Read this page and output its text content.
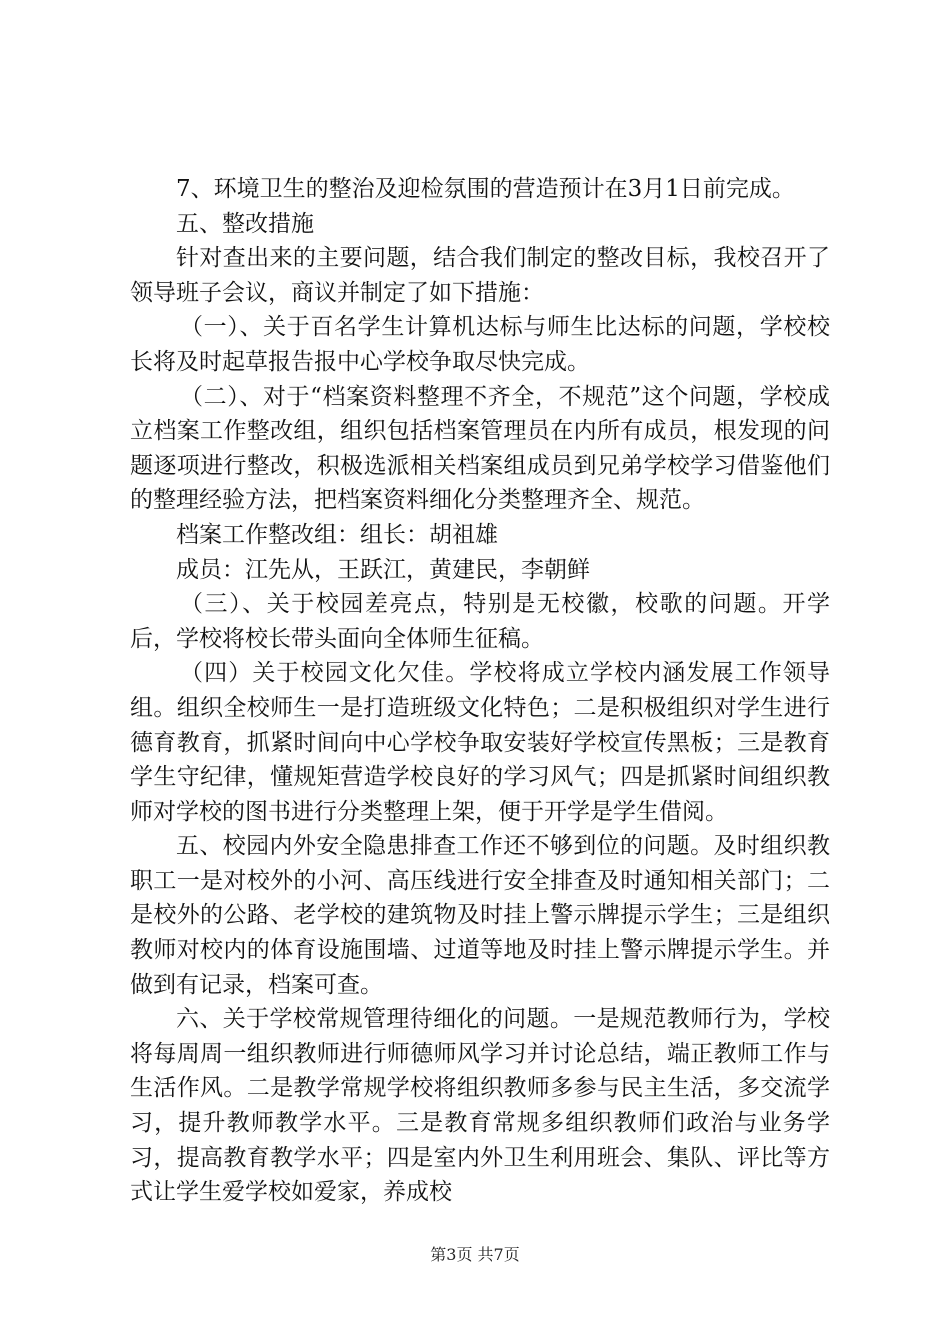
7、环境卫生的整治及迎检氛围的营造预计在3月1日前完成。

五、整改措施

针对查出来的主要问题，结合我们制定的整改目标，我校召开了领导班子会议，商议并制定了如下措施：

（一）、关于百名学生计算机达标与师生比达标的问题，学校校长将及时起草报告报中心学校争取尽快完成。

（二）、对于“档案资料整理不齐全，不规范”这个问题，学校成立档案工作整改组，组织包括档案管理员在内所有成员，根发现的问题逐项进行整改，积极选派相关档案组成员到兄弟学校学习借鉴他们的整理经验方法，把档案资料细化分类整理齐全、规范。

档案工作整改组：组长：胡祖雄

成员：江先从，王跃江，黄建民，李朝鲜

（三）、关于校园差亮点，特别是无校徽，校歌的问题。开学后，学校将校长带头面向全体师生征稿。

（四）关于校园文化欠佳。学校将成立学校内涵发展工作领导组。组织全校师生一是打造班级文化特色；二是积极组织对学生进行德育教育，抓紧时间向中心学校争取安装好学校宣传黑板；三是教育学生守纪律，懂规矩营造学校良好的学习风气；四是抓紧时间组织教师对学校的图书进行分类整理上架，便于开学是学生借阅。

五、校园内外安全隐患排查工作还不够到位的问题。及时组织教职工一是对校外的小河、高压线进行安全排查及时通知相关部门；二是校外的公路、老学校的建筑物及时挂上警示牌提示学生；三是组织教师对校内的体育设施围墙、过道等地及时挂上警示牌提示学生。并做到有记录，档案可查。

六、关于学校常规管理待细化的问题。一是规范教师行为，学校将每周周一组织教师进行师德师风学习并讨论总结，端正教师工作与生活作风。二是教学常规学校将组织教师多参与民主生活，多交流学习，提升教师教学水平。三是教育常规多组织教师们政治与业务学习，提高教育教学水平；四是室内外卫生利用班会、集队、评比等方式让学生爱学校如爱家，养成校

第3页 共7页
